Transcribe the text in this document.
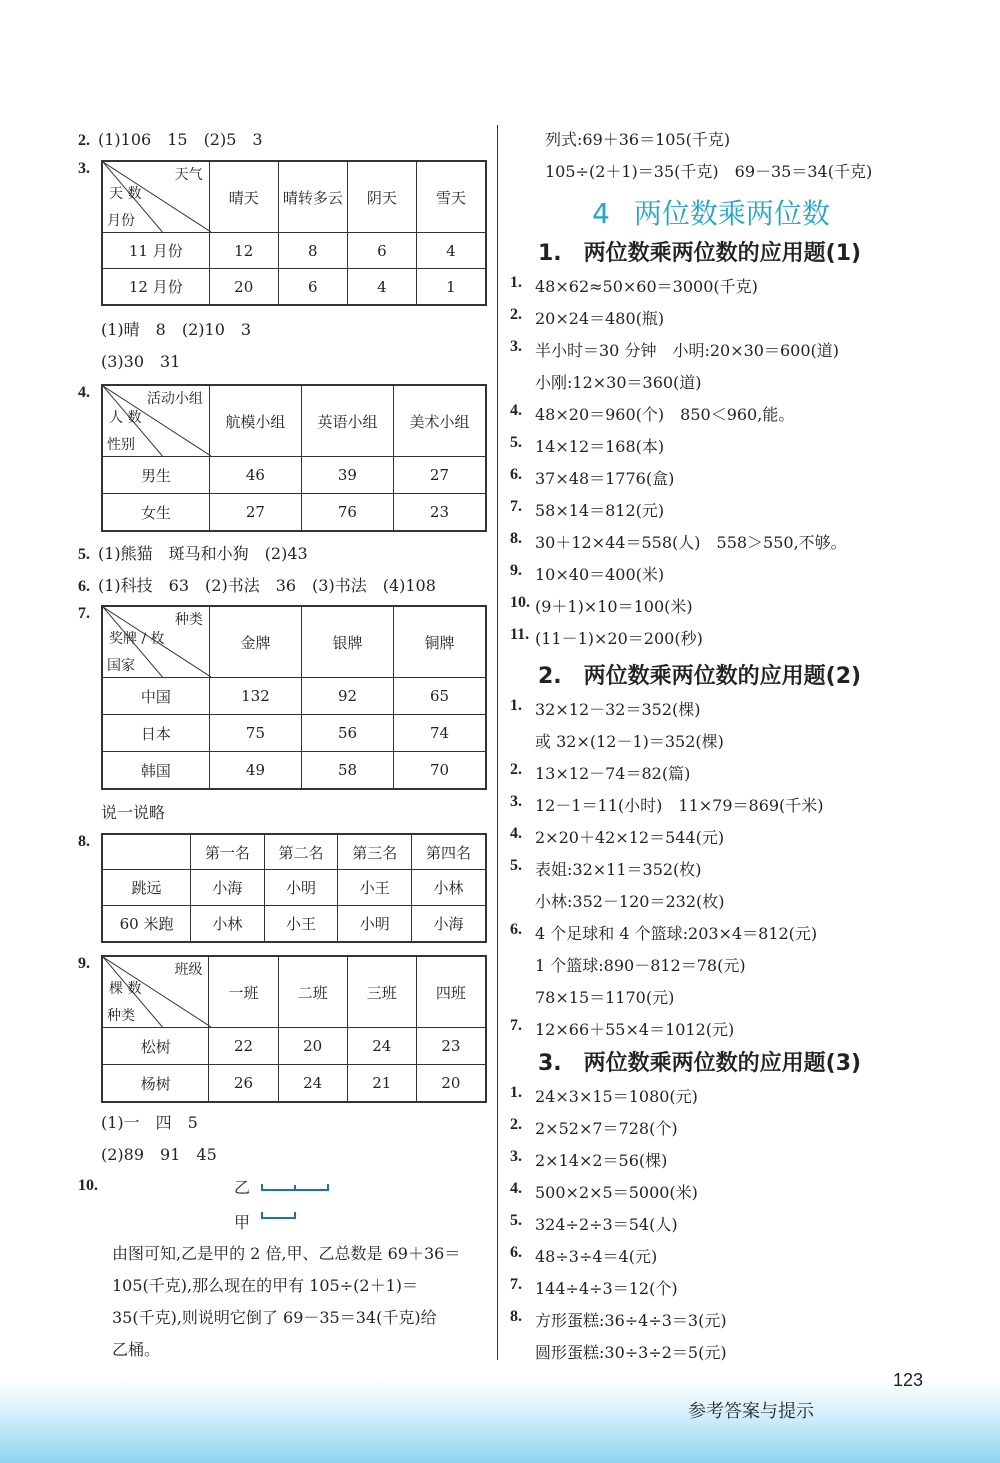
123
参考答案与提示
2. (1)106　15　(2)5　3
3.	天气
天 数
月份	晴天	晴转多云	阴天	雪天
11 月份	12	8	6	4
12 月份	20	6	4	1
(1)晴　8　(2)10　3
(3)30　31
4.	活动小组
人 数
性别	航模小组	英语小组	美术小组
男生	46	39	27
女生	27	76	23
5. (1)熊猫　斑马和小狗　(2)43
6. (1)科技　63　(2)书法　36　(3)书法　(4)108
7.	种类
奖牌 / 枚
国家	金牌	银牌	铜牌
中国	132	92	65
日本	75	56	74
韩国	49	58	70
说一说略
8.
	第一名	第二名	第三名	第四名
跳远	小海	小明	小王	小林
60 米跑	小林	小王	小明	小海
9.	班级
棵 数
种类	一班	二班	三班	四班
松树	22	20	24	23
杨树	26	24	21	20
(1)一　四　5
(2)89　91　45
10.	乙
甲
由图可知,乙是甲的 2 倍,甲、乙总数是 69＋36＝
105(千克),那么现在的甲有 105÷(2＋1)＝
35(千克),则说明它倒了 69－35＝34(千克)给
乙桶。
列式:69＋36＝105(千克)
105÷(2＋1)＝35(千克)　69－35＝34(千克)
4 两位数乘两位数
1.　两位数乘两位数的应用题(1)
1. 48×62≈50×60＝3000(千克)
2. 20×24＝480(瓶)
3. 半小时＝30 分钟　小明:20×30＝600(道)
小刚:12×30＝360(道)
4. 48×20＝960(个)　850＜960,能。
5. 14×12＝168(本)
6. 37×48＝1776(盒)
7. 58×14＝812(元)
8. 30＋12×44＝558(人)　558＞550,不够。
9. 10×40＝400(米)
10. (9＋1)×10＝100(米)
11. (11－1)×20＝200(秒)
2.　两位数乘两位数的应用题(2)
1. 32×12－32＝352(棵)
或 32×(12－1)＝352(棵)
2. 13×12－74＝82(篇)
3. 12－1＝11(小时)　11×79＝869(千米)
4. 2×20＋42×12＝544(元)
5. 表姐:32×11＝352(枚)
小林:352－120＝232(枚)
6. 4 个足球和 4 个篮球:203×4＝812(元)
1 个篮球:890－812＝78(元)
78×15＝1170(元)
7. 12×66＋55×4＝1012(元)
3.　两位数乘两位数的应用题(3)
1. 24×3×15＝1080(元)
2. 2×52×7＝728(个)
3. 2×14×2＝56(棵)
4. 500×2×5＝5000(米)
5. 324÷2÷3＝54(人)
6. 48÷3÷4＝4(元)
7. 144÷4÷3＝12(个)
8. 方形蛋糕:36÷4÷3＝3(元)
圆形蛋糕:30÷3÷2＝5(元)
